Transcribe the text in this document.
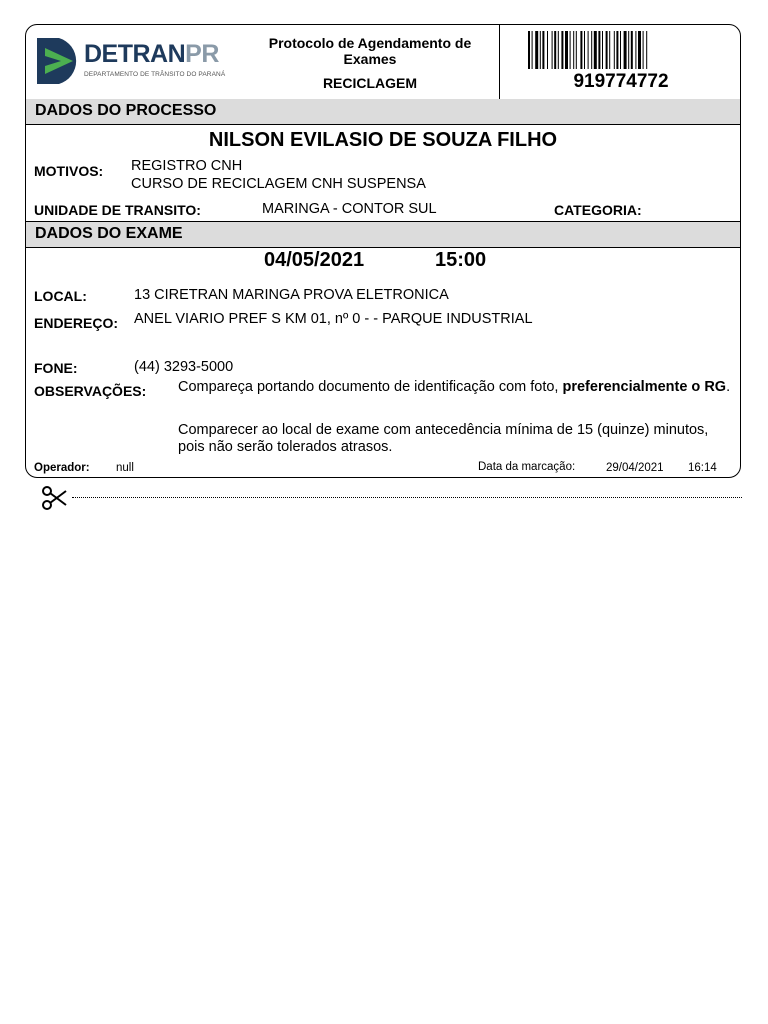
DETRANPR
DEPARTAMENTO DE TRÂNSITO DO PARANÁ
Protocolo de Agendamento de Exames
RECICLAGEM	919774772
DADOS DO PROCESSO
NILSON EVILASIO DE SOUZA FILHO
MOTIVOS: REGISTRO CNH
CURSO DE RECICLAGEM CNH SUSPENSA
UNIDADE DE TRANSITO:	MARINGA - CONTOR SUL	CATEGORIA:
DADOS DO EXAME
04/05/2021	15:00
LOCAL:	13 CIRETRAN MARINGA PROVA ELETRONICA
ENDEREÇO: ANEL VIARIO PREF S KM 01, nº 0 - - PARQUE INDUSTRIAL
FONE:	(44) 3293-5000
OBSERVAÇÕES: Compareça portando documento de identificação com foto, preferencialmente o RG.
Comparecer ao local de exame com antecedência mínima de 15 (quinze) minutos, pois não serão tolerados atrasos.
Operador: null	Data da marcação:	29/04/2021 16:14
